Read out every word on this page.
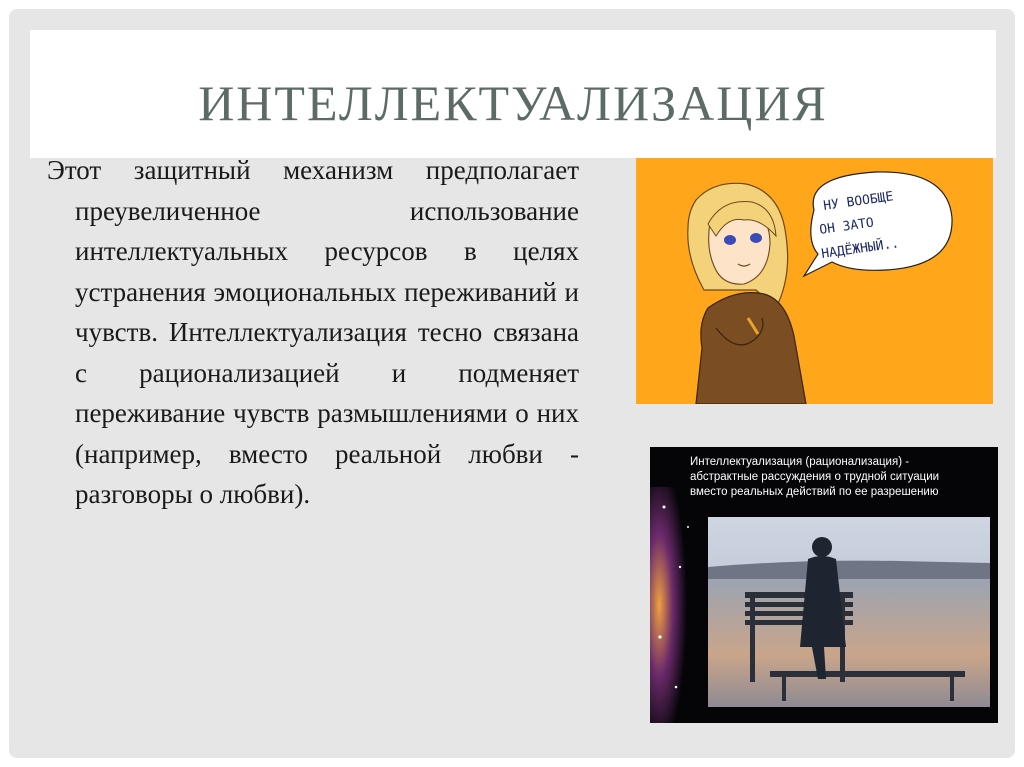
ИНТЕЛЛЕКТУАЛИЗАЦИЯ
Этот защитный механизм предполагает преувеличенное использование интеллектуальных ресурсов в целях устранения эмоциональных переживаний и чувств. Интеллектуализация тесно связана с рационализацией и подменяет переживание чувств размышлениями о них (например, вместо реальной любви - разговоры о любви).
НУ ВООБЩЕ
ОН ЗАТО
НАДЁЖНЫЙ..
Интеллектуализация (рационализация) -
абстрактные рассуждения о трудной ситуации
вместо реальных действий по ее разрешению
